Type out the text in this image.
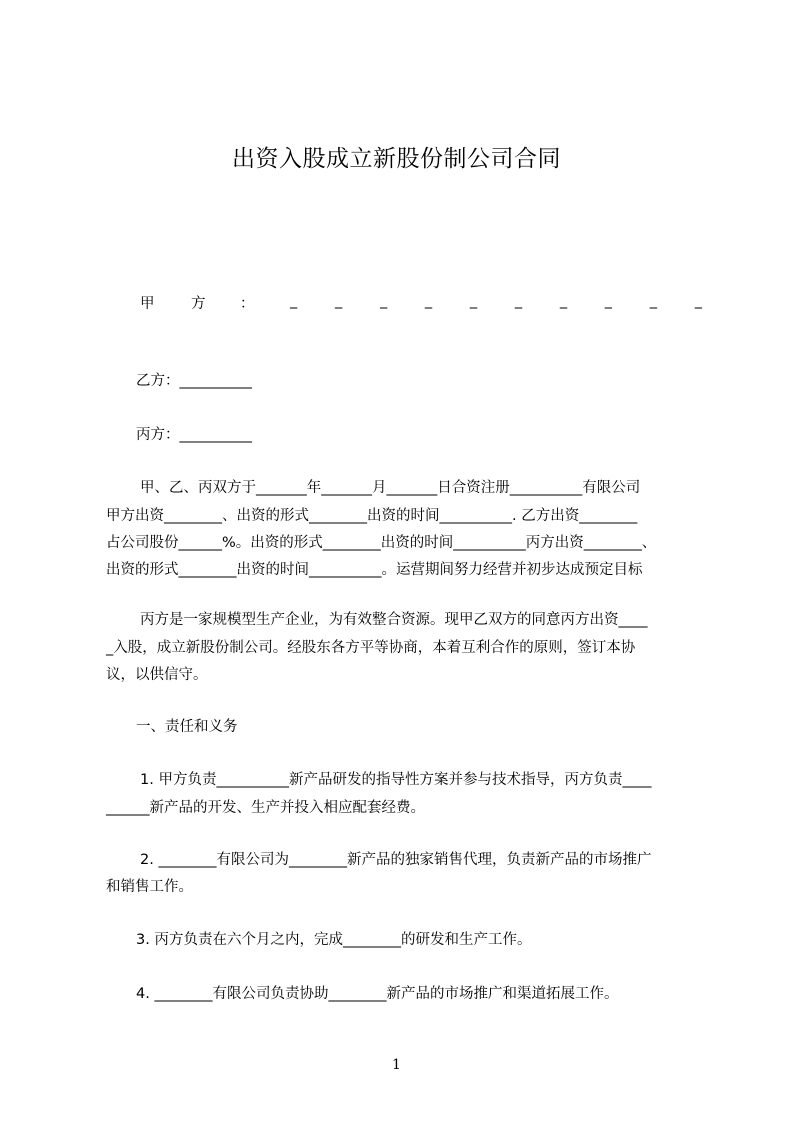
出资入股成立新股份制公司合同
甲	方 ： _	_	_	_	_	_	_	_	_	_
乙方：__________
丙方：__________
甲、乙、丙双方于_______年_______月_______日合资注册__________有限公司
甲方出资________、出资的形式________出资的时间__________. 乙方出资________
占公司股份______%。出资的形式________出资的时间__________丙方出资________、
出资的形式________出资的时间__________。运营期间努力经营并初步达成预定目标
丙方是一家规模型生产企业，为有效整合资源。现甲乙双方的同意丙方出资____
_入股，成立新股份制公司。经股东各方平等协商，本着互利合作的原则，签订本协
议，以供信守。
一、责任和义务
1. 甲方负责__________新产品研发的指导性方案并参与技术指导，丙方负责____
______新产品的开发、生产并投入相应配套经费。
2. ________有限公司为________新产品的独家销售代理，负责新产品的市场推广
和销售工作。
3. 丙方负责在六个月之内，完成________的研发和生产工作。
4. ________有限公司负责协助________新产品的市场推广和渠道拓展工作。
1
